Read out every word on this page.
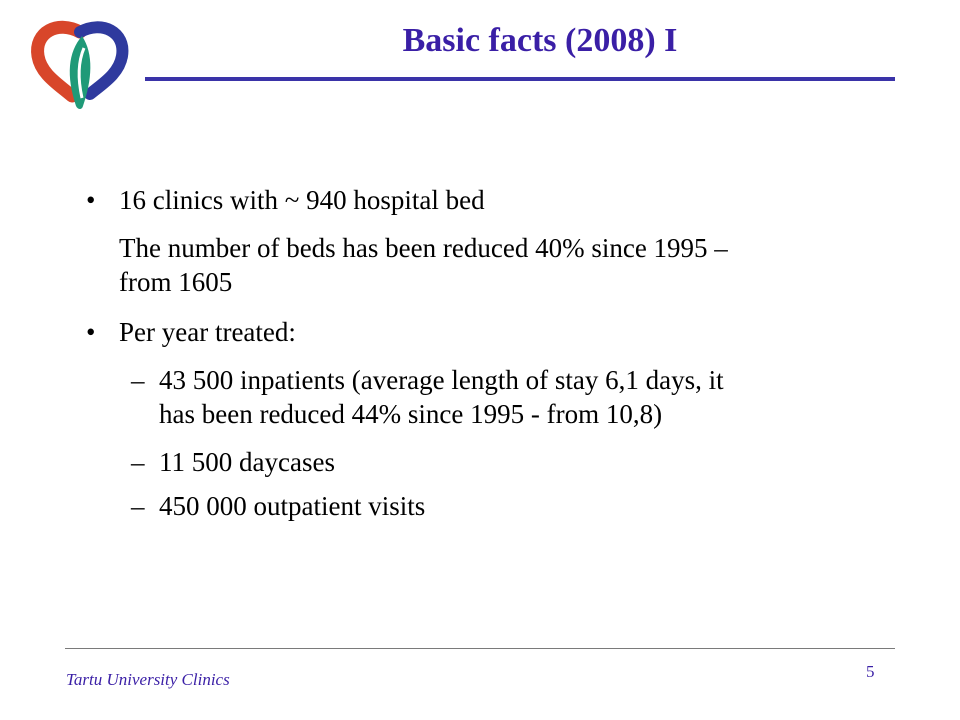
Basic facts (2008) I
• 16 clinics with ~ 940 hospital bed
The number of beds has been reduced 40% since 1995 –
from 1605
• Per year treated:
– 43 500 inpatients (average length of stay 6,1 days, it
has been reduced 44% since 1995 - from 10,8)
– 11 500 daycases
– 450 000 outpatient visits
Tartu University Clinics	5
